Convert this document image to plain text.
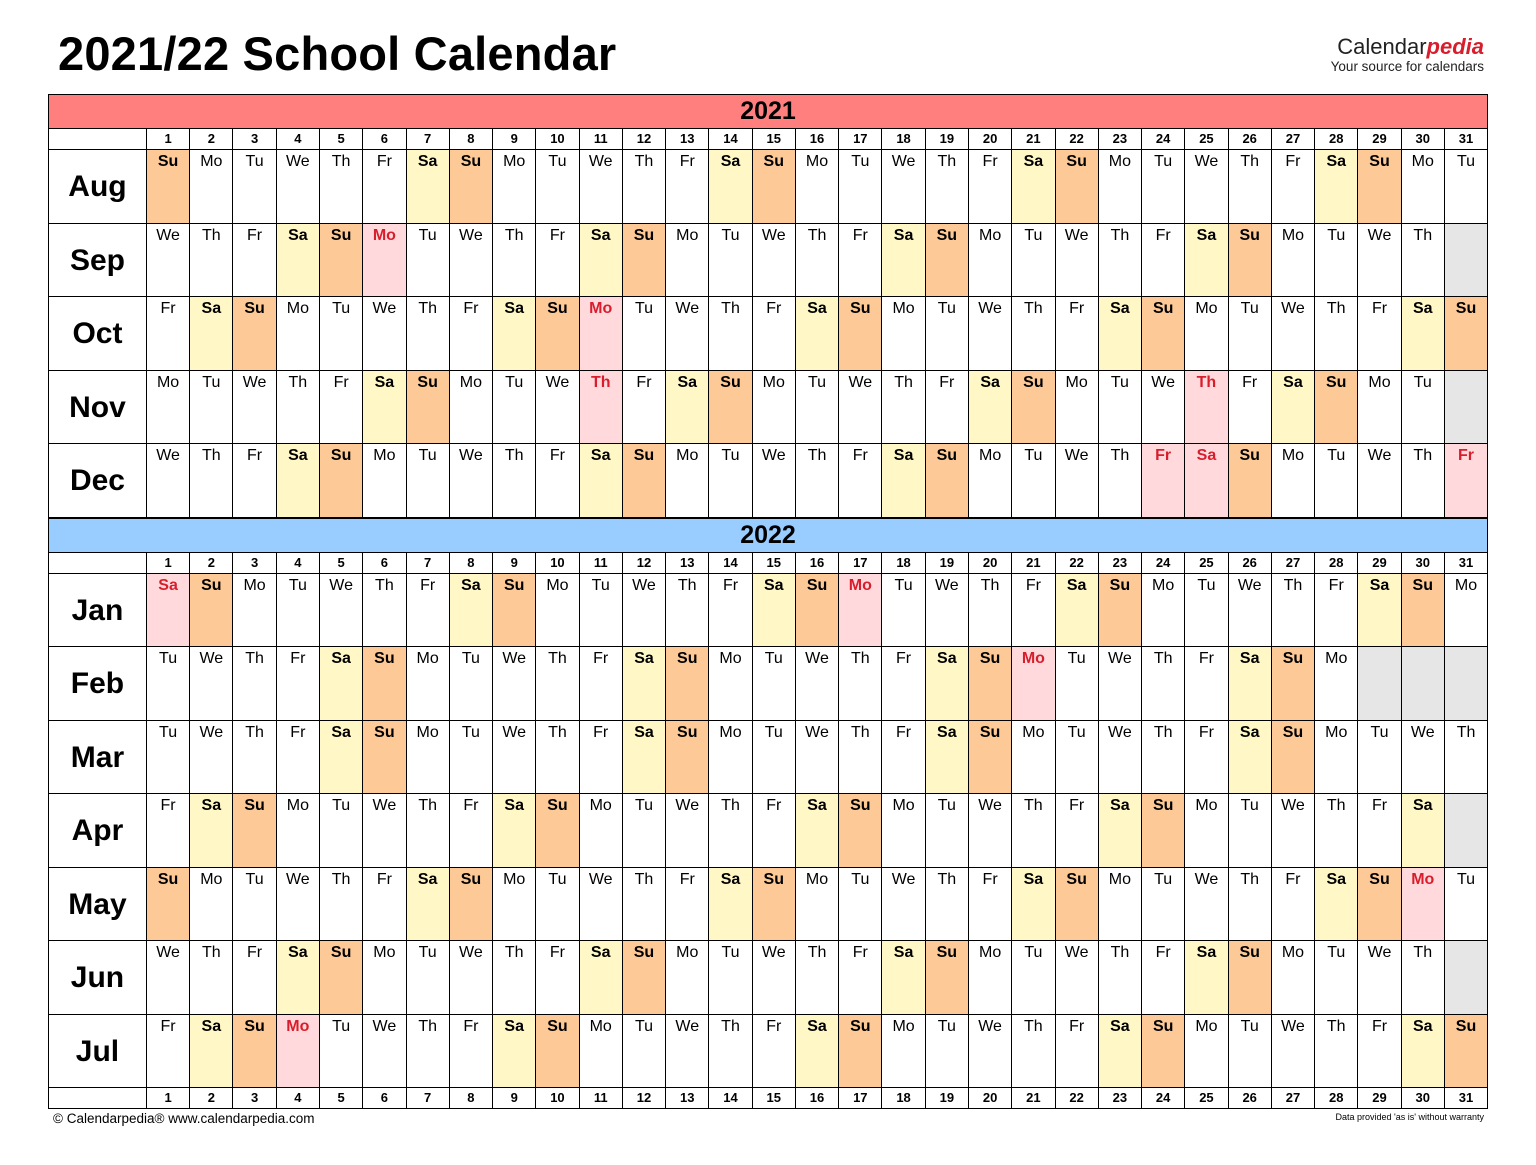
2021/22 School Calendar	Calendarpedia
Your source for calendars
2021
1	2	3	4	5	6	7	8	9	10	11	12	13	14	15	16	17	18	19	20	21	22	23	24	25	26	27	28	29	30	31
Aug
Su	Mo	Tu	We	Th	Fr	Sa	Su	Mo	Tu	We	Th	Fr	Sa	Su	Mo	Tu	We	Th	Fr	Sa	Su	Mo	Tu	We	Th	Fr	Sa	Su	Mo	Tu
Sep
We	Th	Fr	Sa	Su	Mo	Tu	We	Th	Fr	Sa	Su	Mo	Tu	We	Th	Fr	Sa	Su	Mo	Tu	We	Th	Fr	Sa	Su	Mo	Tu	We	Th
Oct
Fr	Sa	Su	Mo	Tu	We	Th	Fr	Sa	Su	Mo	Tu	We	Th	Fr	Sa	Su	Mo	Tu	We	Th	Fr	Sa	Su	Mo	Tu	We	Th	Fr	Sa	Su
Nov
Mo	Tu	We	Th	Fr	Sa	Su	Mo	Tu	We	Th	Fr	Sa	Su	Mo	Tu	We	Th	Fr	Sa	Su	Mo	Tu	We	Th	Fr	Sa	Su	Mo	Tu
Dec
We	Th	Fr	Sa	Su	Mo	Tu	We	Th	Fr	Sa	Su	Mo	Tu	We	Th	Fr	Sa	Su	Mo	Tu	We	Th	Fr	Sa	Su	Mo	Tu	We	Th	Fr
2022
1	2	3	4	5	6	7	8	9	10	11	12	13	14	15	16	17	18	19	20	21	22	23	24	25	26	27	28	29	30	31
Jan
Sa	Su	Mo	Tu	We	Th	Fr	Sa	Su	Mo	Tu	We	Th	Fr	Sa	Su	Mo	Tu	We	Th	Fr	Sa	Su	Mo	Tu	We	Th	Fr	Sa	Su	Mo
Feb
Tu	We	Th	Fr	Sa	Su	Mo	Tu	We	Th	Fr	Sa	Su	Mo	Tu	We	Th	Fr	Sa	Su	Mo	Tu	We	Th	Fr	Sa	Su	Mo
Mar
Tu	We	Th	Fr	Sa	Su	Mo	Tu	We	Th	Fr	Sa	Su	Mo	Tu	We	Th	Fr	Sa	Su	Mo	Tu	We	Th	Fr	Sa	Su	Mo	Tu	We	Th
Apr
Fr	Sa	Su	Mo	Tu	We	Th	Fr	Sa	Su	Mo	Tu	We	Th	Fr	Sa	Su	Mo	Tu	We	Th	Fr	Sa	Su	Mo	Tu	We	Th	Fr	Sa
May
Su	Mo	Tu	We	Th	Fr	Sa	Su	Mo	Tu	We	Th	Fr	Sa	Su	Mo	Tu	We	Th	Fr	Sa	Su	Mo	Tu	We	Th	Fr	Sa	Su	Mo	Tu
Jun
We	Th	Fr	Sa	Su	Mo	Tu	We	Th	Fr	Sa	Su	Mo	Tu	We	Th	Fr	Sa	Su	Mo	Tu	We	Th	Fr	Sa	Su	Mo	Tu	We	Th
Jul
Fr	Sa	Su	Mo	Tu	We	Th	Fr	Sa	Su	Mo	Tu	We	Th	Fr	Sa	Su	Mo	Tu	We	Th	Fr	Sa	Su	Mo	Tu	We	Th	Fr	Sa	Su
1	2	3	4	5	6	7	8	9	10	11	12	13	14	15	16	17	18	19	20	21	22	23	24	25	26	27	28	29	30	31
© Calendarpedia® www.calendarpedia.com	Data provided 'as is' without warranty
